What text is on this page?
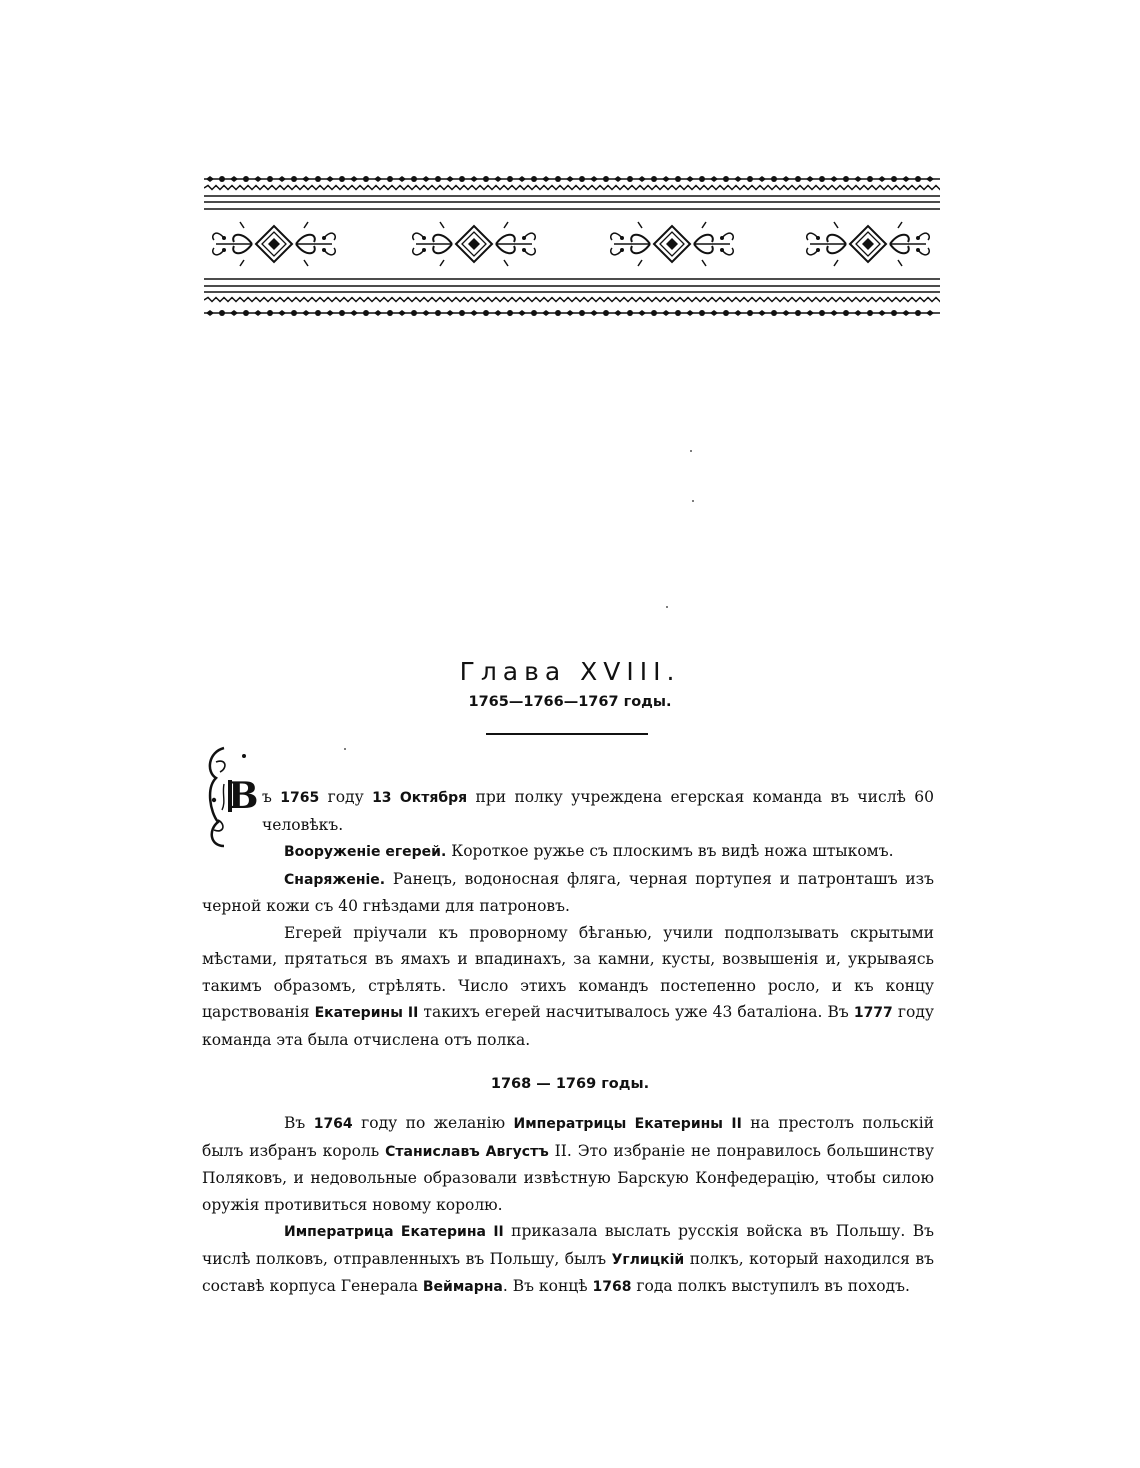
Глава XVIII.
1765—1766—1767 годы.
В ъ 1765 году 13 Октября при полку учреждена егерская команда въ числѣ 60 человѣкъ.

Вооруженіе егерей. Короткое ружье съ плоскимъ въ видѣ ножа штыкомъ.

Снаряженіе. Ранецъ, водоносная фляга, черная портупея и патронташъ изъ черной кожи съ 40 гнѣздами для патроновъ.

Егерей пріучали къ проворному бѣганью, учили подползывать скрытыми мѣстами, прятаться въ ямахъ и впадинахъ, за камни, кусты, возвышенія и, укрываясь такимъ образомъ, стрѣлять. Число этихъ командъ постепенно росло, и къ концу царствованія Екатерины II такихъ егерей насчитывалось уже 43 баталіона. Въ 1777 году команда эта была отчислена отъ полка.

1768 — 1769 годы.

Въ 1764 году по желанію Императрицы Екатерины II на престолъ польскій былъ избранъ король Станиславъ Августъ II. Это избраніе не понравилось большинству Поляковъ, и недовольные образовали извѣстную Барскую Конфедерацію, чтобы силою оружія противиться новому королю.

Императрица Екатерина II приказала выслать русскія войска въ Польшу. Въ числѣ полковъ, отправленныхъ въ Польшу, былъ Углицкій полкъ, который находился въ составѣ корпуса Генерала Веймарна. Въ концѣ 1768 года полкъ выступилъ въ походъ.
